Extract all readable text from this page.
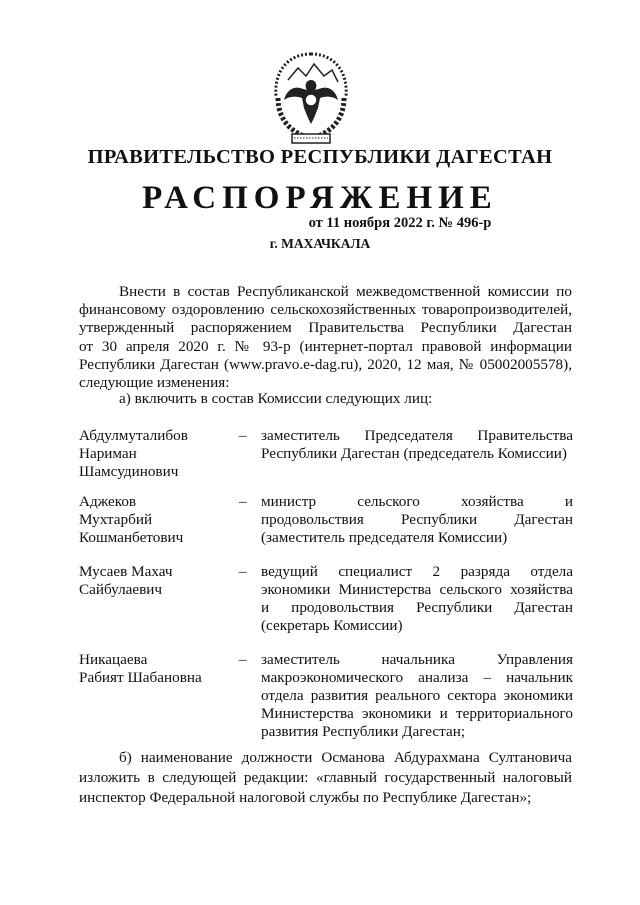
ПРАВИТЕЛЬСТВО РЕСПУБЛИКИ ДАГЕСТАН
РАСПОРЯЖЕНИЕ
от 11 ноября 2022 г. № 496-р
г. МАХАЧКАЛА
Внести в состав Республиканской межведомственной комиссии по
финансовому оздоровлению сельскохозяйственных товаропроизводителей,
утвержденный распоряжением Правительства Республики Дагестан
от 30 апреля 2020 г. № 93-р (интернет-портал правовой информации
Республики Дагестан (www.pravo.e-dag.ru), 2020, 12 мая, № 05002005578),
следующие изменения:
а) включить в состав Комиссии следующих лиц:
Абдулмуталибов
Нариман
Шамсудинович
– заместитель Председателя Правительства
Республики Дагестан (председатель Комиссии)
Аджеков
Мухтарбий
Кошманбетович
– министр сельского хозяйства и
продовольствия Республики Дагестан
(заместитель председателя Комиссии)
Мусаев Махач
Сайбулаевич
– ведущий специалист 2 разряда отдела
экономики Министерства сельского хозяйства
и продовольствия Республики Дагестан
(секретарь Комиссии)
Никацаева
Рабият Шабановна
– заместитель начальника Управления
макроэкономического анализа – начальник
отдела развития реального сектора экономики
Министерства экономики и территориального
развития Республики Дагестан;
б) наименование должности Османова Абдурахмана Султановича
изложить в следующей редакции: «главный государственный налоговый
инспектор Федеральной налоговой службы по Республике Дагестан»;
